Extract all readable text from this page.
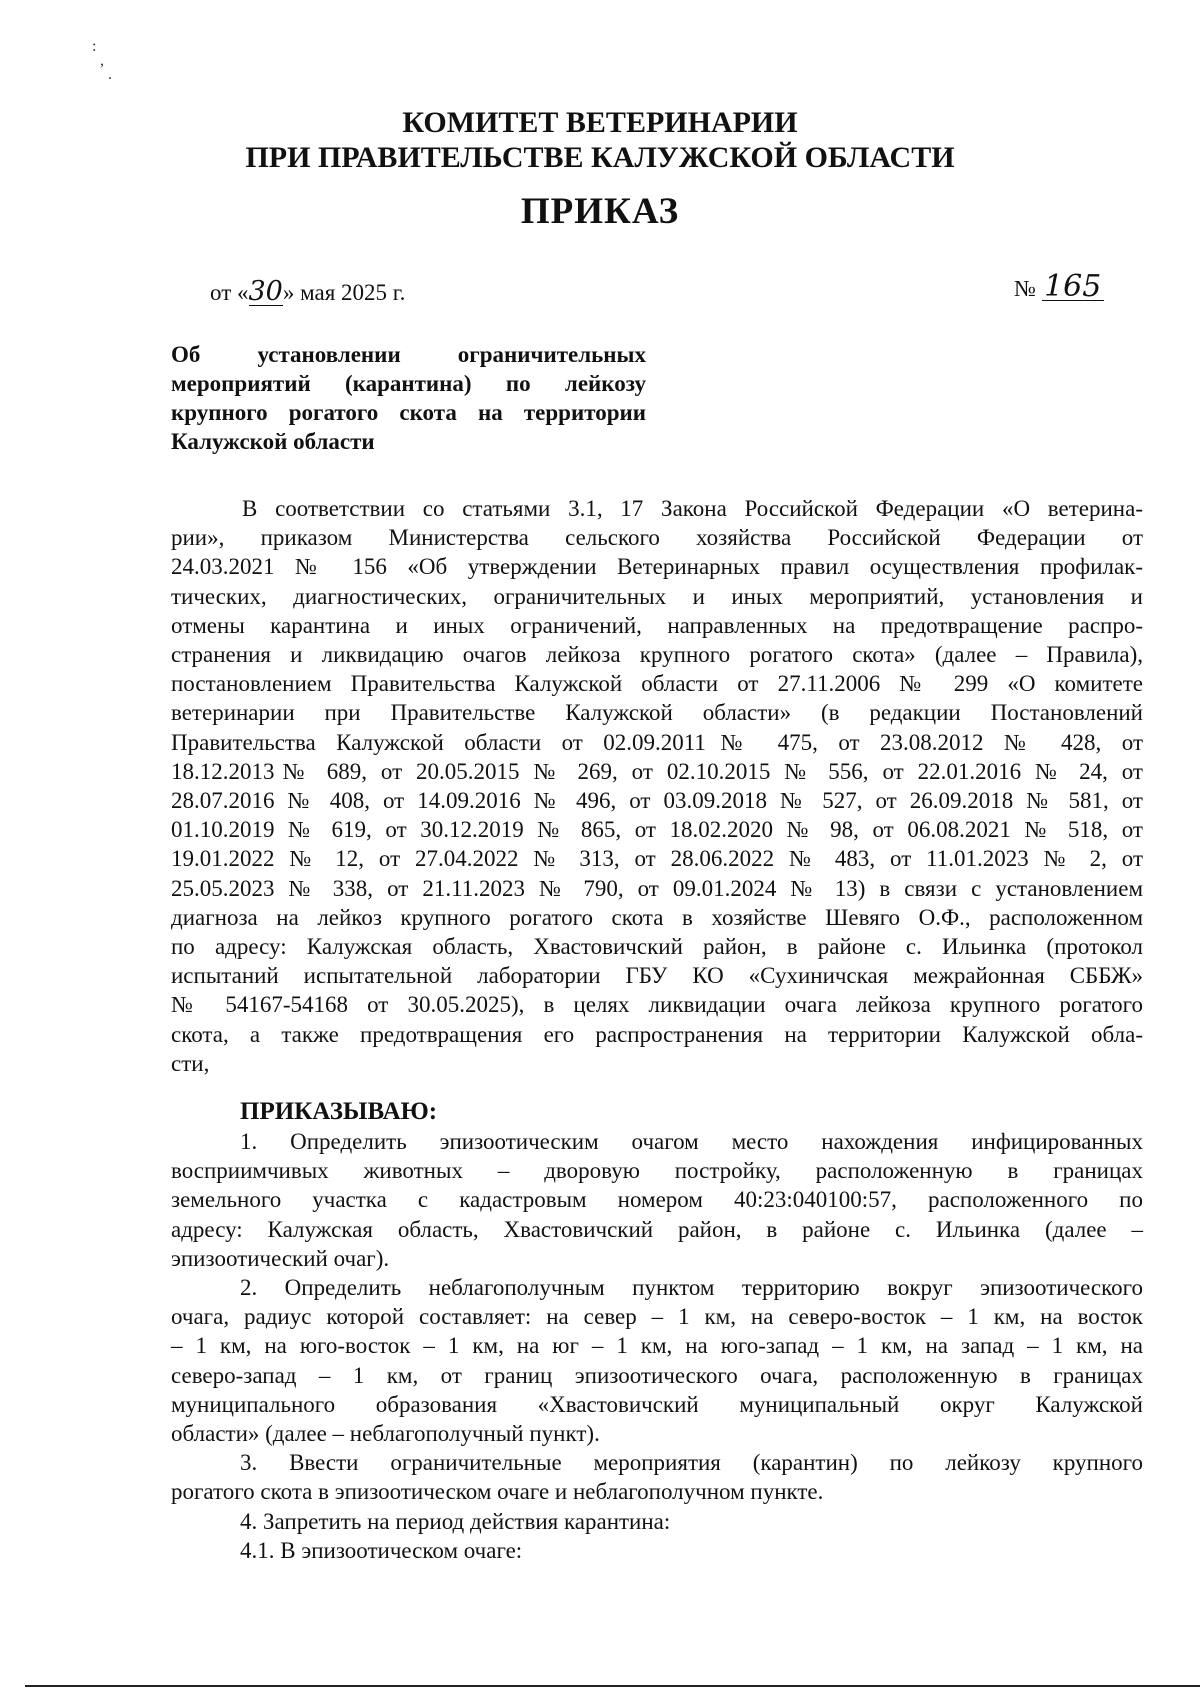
:
,
.
КОМИТЕТ ВЕТЕРИНАРИИ
ПРИ ПРАВИТЕЛЬСТВЕ КАЛУЖСКОЙ ОБЛАСТИ
ПРИКАЗ
от «30» мая 2025 г.	№ 165
Об установлении ограничительных
мероприятий (карантина) по лейкозу
крупного рогатого скота на территории
Калужской области
В соответствии со статьями 3.1, 17 Закона Российской Федерации «О ветерина-
рии», приказом Министерства сельского хозяйства Российской Федерации от
24.03.2021 № 156 «Об утверждении Ветеринарных правил осуществления профилак-
тических, диагностических, ограничительных и иных мероприятий, установления и
отмены карантина и иных ограничений, направленных на предотвращение распро-
странения и ликвидацию очагов лейкоза крупного рогатого скота» (далее – Правила),
постановлением Правительства Калужской области от 27.11.2006 № 299 «О комитете
ветеринарии при Правительстве Калужской области» (в редакции Постановлений
Правительства Калужской области от 02.09.2011№ 475, от 23.08.2012 № 428, от
18.12.2013№ 689, от 20.05.2015 № 269, от 02.10.2015 № 556, от 22.01.2016 № 24, от
28.07.2016 № 408, от 14.09.2016 № 496, от 03.09.2018 № 527, от 26.09.2018 № 581, от
01.10.2019 № 619, от 30.12.2019 № 865, от 18.02.2020 № 98, от 06.08.2021 № 518, от
19.01.2022 № 12, от 27.04.2022 № 313, от 28.06.2022 № 483, от 11.01.2023 № 2, от
25.05.2023 № 338, от 21.11.2023 № 790, от 09.01.2024 № 13) в связи с установлением
диагноза на лейкоз крупного рогатого скота в хозяйстве Шевяго О.Ф., расположенном
по адресу: Калужская область, Хвастовичский район, в районе с. Ильинка (протокол
испытаний испытательной лаборатории ГБУ КО «Сухиничская межрайонная СББЖ»
№ 54167-54168 от 30.05.2025), в целях ликвидации очага лейкоза крупного рогатого
скота, а также предотвращения его распространения на территории Калужской обла-
сти,
ПРИКАЗЫВАЮ:
1. Определить эпизоотическим очагом место нахождения инфицированных
восприимчивых животных – дворовую постройку, расположенную в границах
земельного участка с кадастровым номером 40:23:040100:57, расположенного по
адресу: Калужская область, Хвастовичский район, в районе с. Ильинка (далее –
эпизоотический очаг).
2. Определить неблагополучным пунктом территорию вокруг эпизоотического
очага, радиус которой составляет: на север – 1 км, на северо-восток – 1 км, на восток
– 1 км, на юго-восток – 1 км, на юг – 1 км, на юго-запад – 1 км, на запад – 1 км, на
северо-запад – 1 км, от границ эпизоотического очага, расположенную в границах
муниципального образования «Хвастовичский муниципальный округ Калужской
области» (далее – неблагополучный пункт).
3. Ввести ограничительные мероприятия (карантин) по лейкозу крупного
рогатого скота в эпизоотическом очаге и неблагополучном пункте.
4. Запретить на период действия карантина:
4.1. В эпизоотическом очаге:
